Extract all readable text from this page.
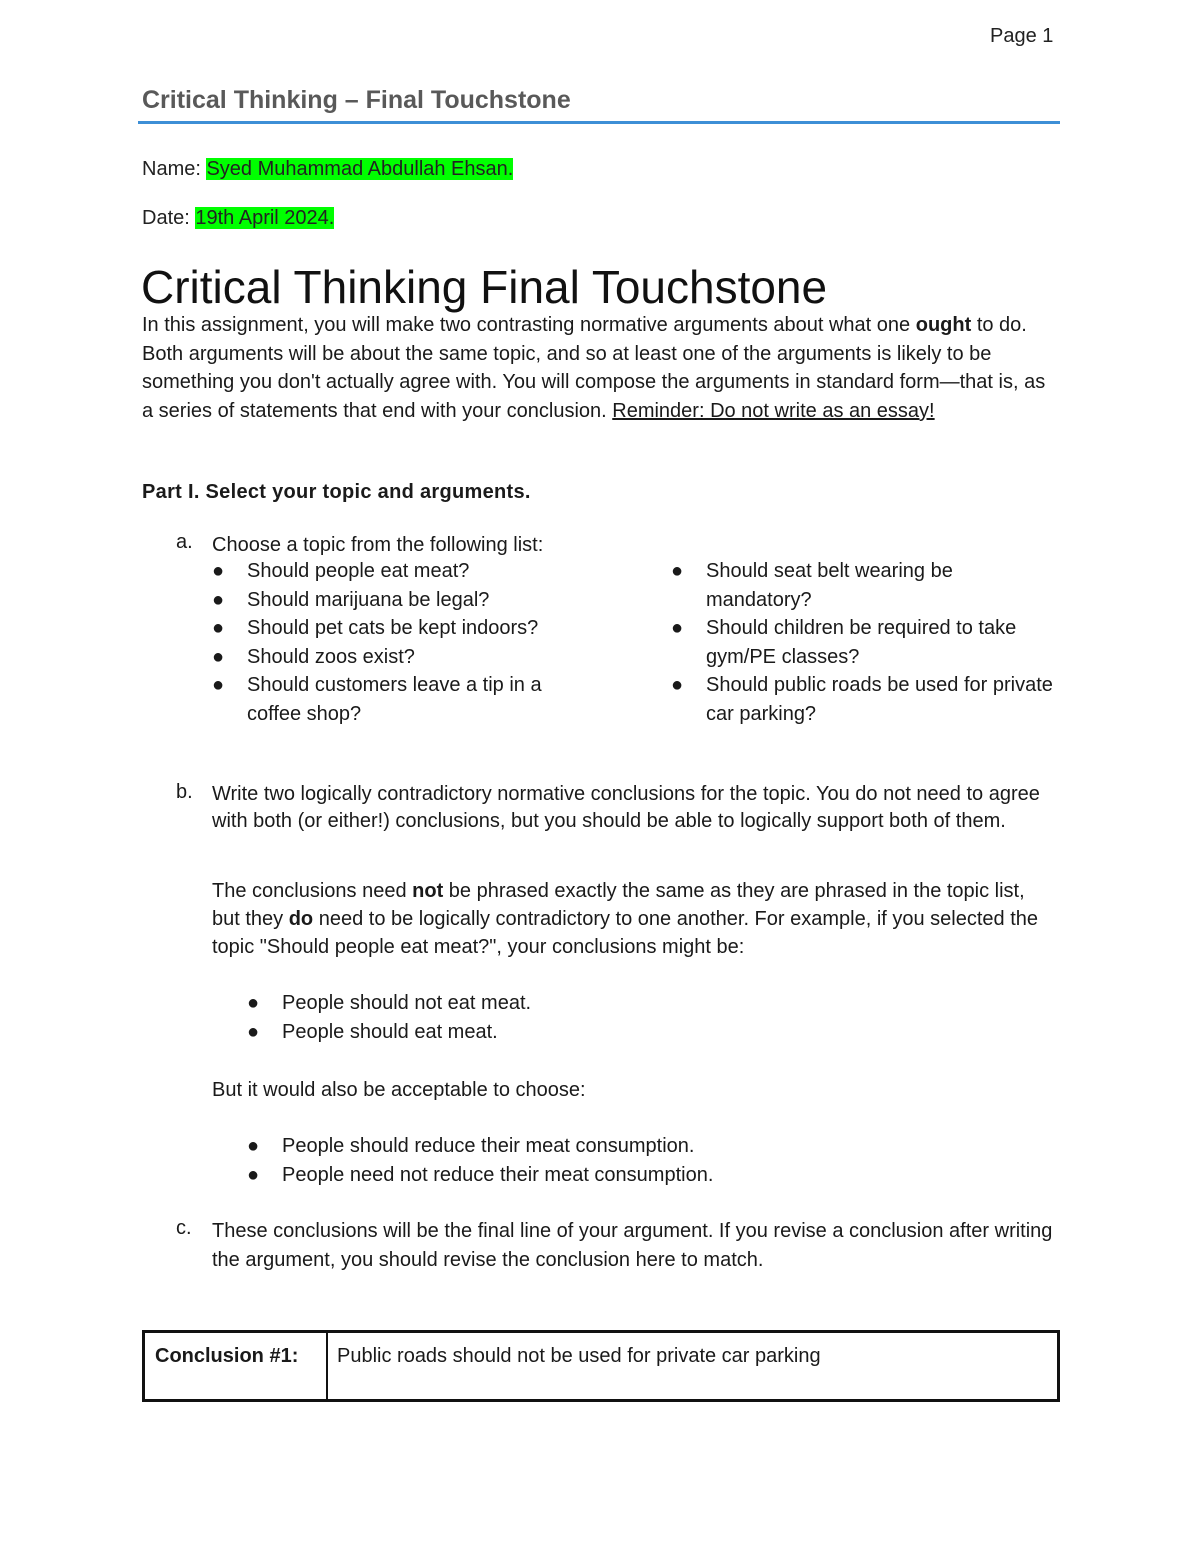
Page 1
Critical Thinking – Final Touchstone
Name: Syed Muhammad Abdullah Ehsan.
Date: 19th April 2024.
Critical Thinking Final Touchstone

In this assignment, you will make two contrasting normative arguments about what one ought to do. Both arguments will be about the same topic, and so at least one of the arguments is likely to be something you don't actually agree with. You will compose the arguments in standard form—that is, as a series of statements that end with your conclusion. Reminder: Do not write as an essay!

Part I. Select your topic and arguments.
a. Choose a topic from the following list:
● Should people eat meat?
● Should marijuana be legal?
● Should pet cats be kept indoors?
● Should zoos exist?
● Should customers leave a tip in a coffee shop?
● Should seat belt wearing be mandatory?
● Should children be required to take gym/PE classes?
● Should public roads be used for private car parking?
b. Write two logically contradictory normative conclusions for the topic. You do not need to agree with both (or either!) conclusions, but you should be able to logically support both of them.
The conclusions need not be phrased exactly the same as they are phrased in the topic list, but they do need to be logically contradictory to one another. For example, if you selected the topic "Should people eat meat?", your conclusions might be:
● People should not eat meat.
● People should eat meat.
But it would also be acceptable to choose:
● People should reduce their meat consumption.
● People need not reduce their meat consumption.
c. These conclusions will be the final line of your argument. If you revise a conclusion after writing the argument, you should revise the conclusion here to match.
Conclusion #1:	Public roads should not be used for private car parking
